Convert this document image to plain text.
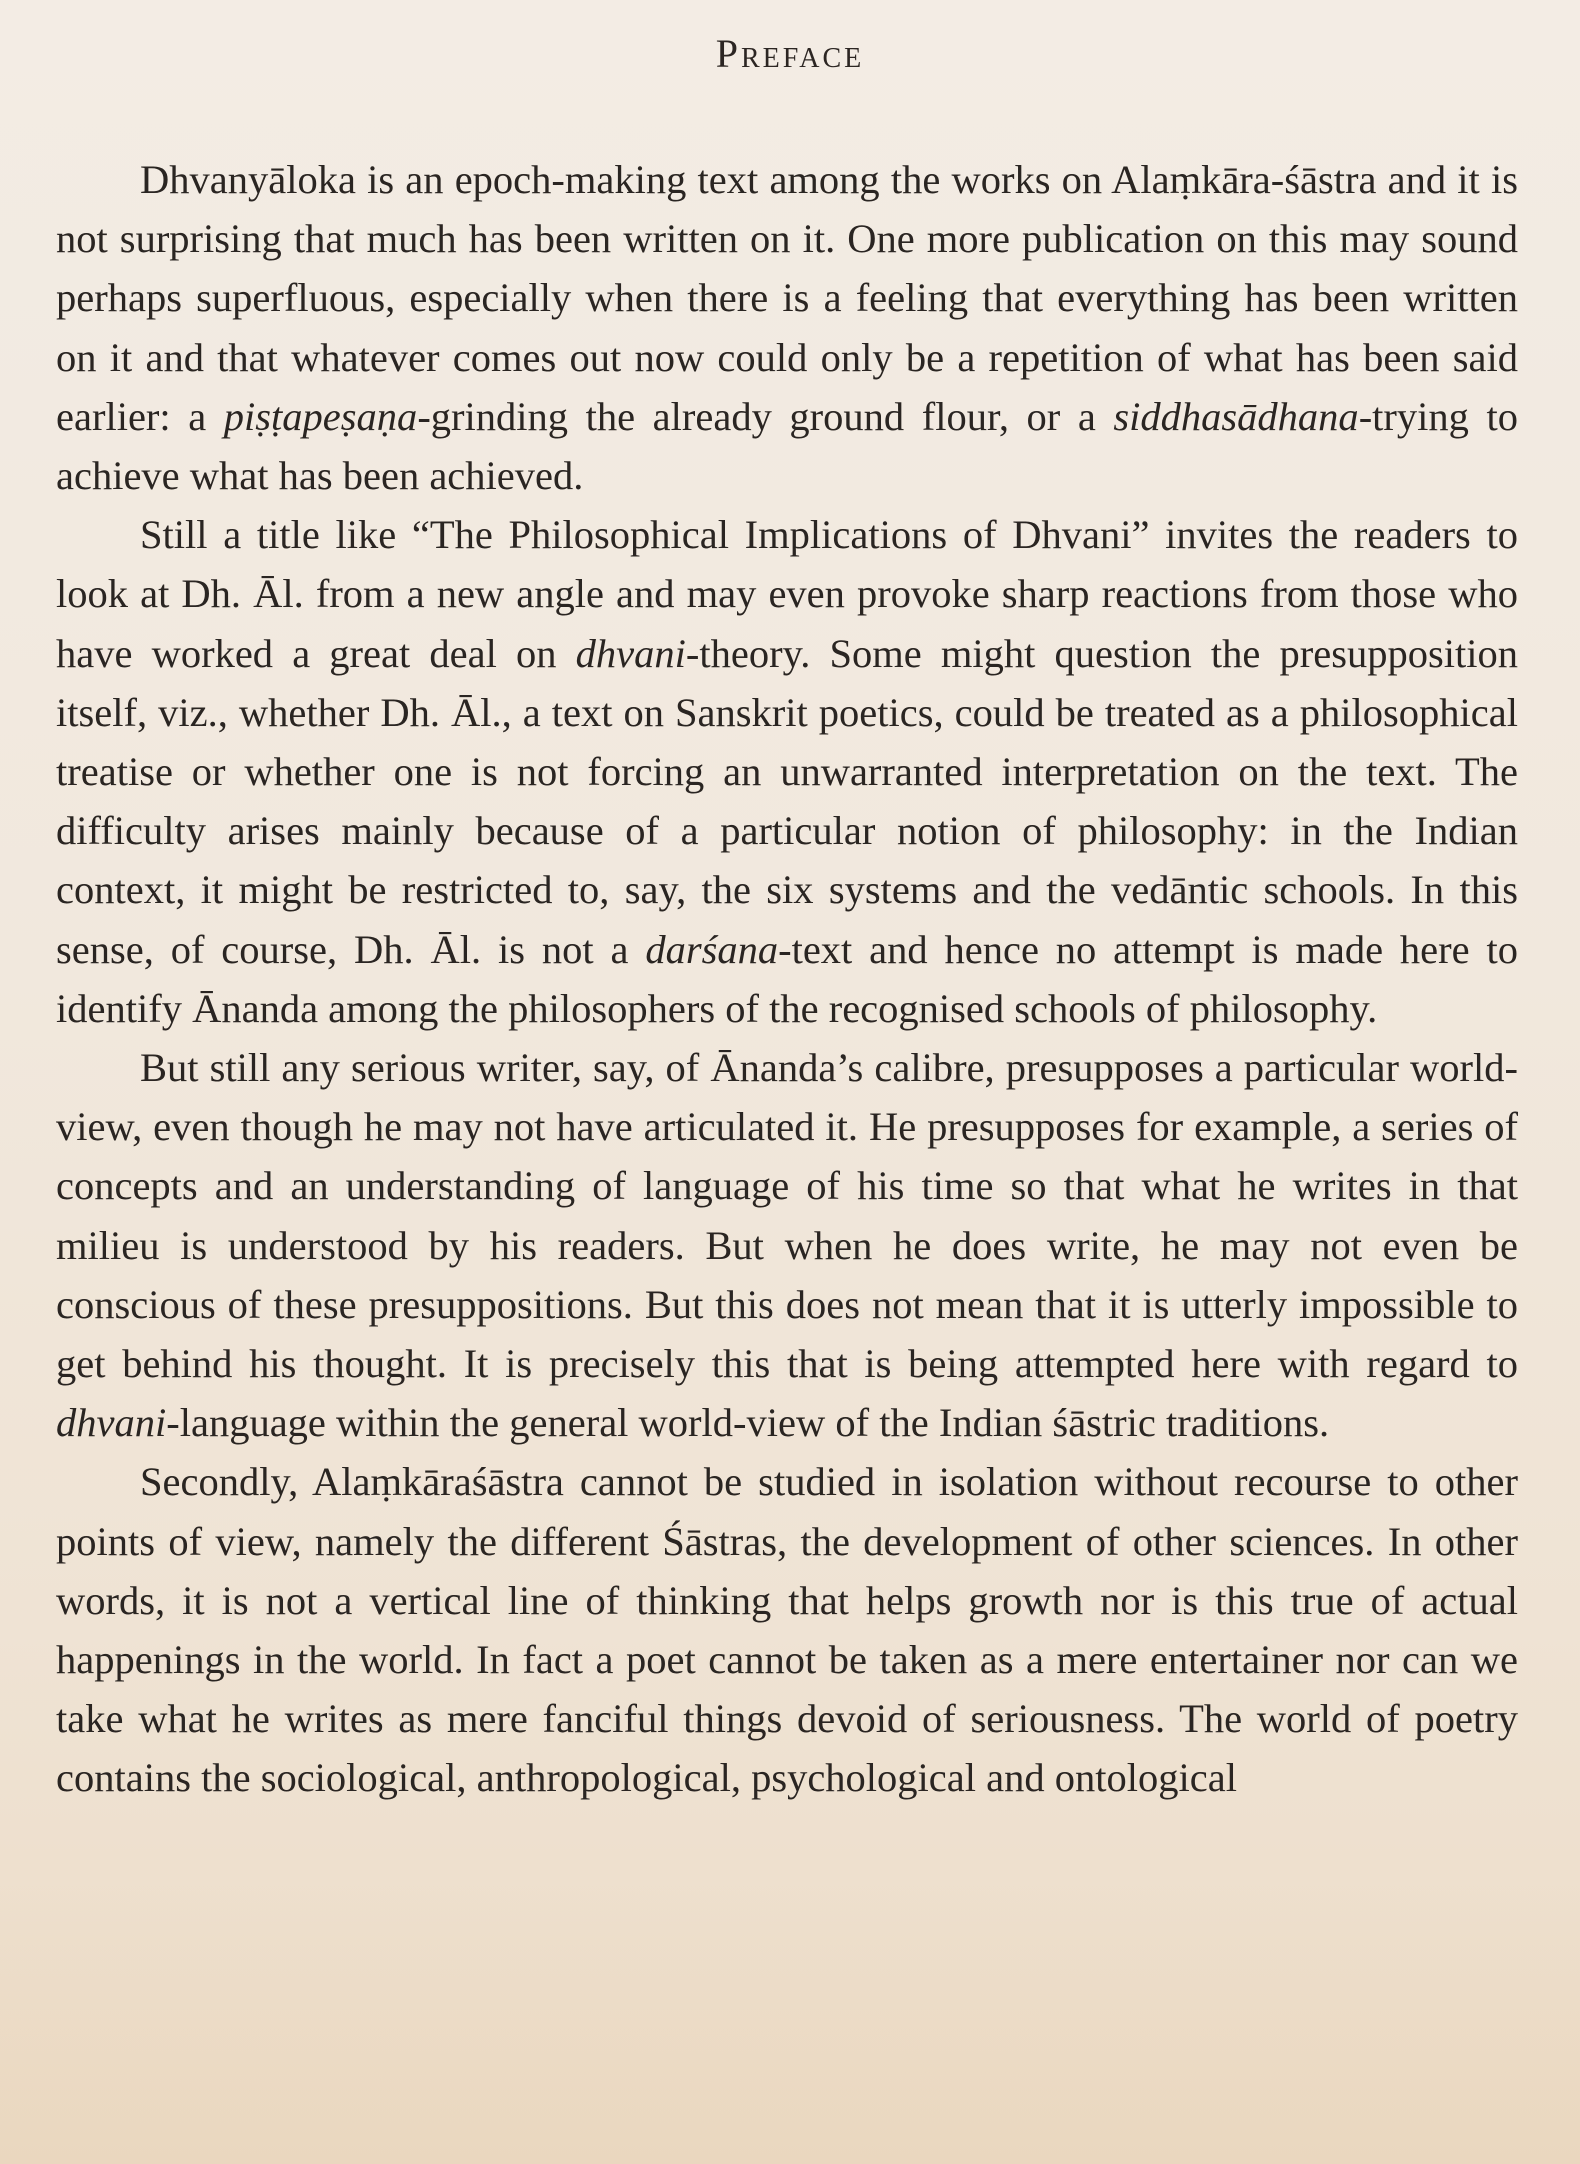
Preface

Dhvanyāloka is an epoch-making text among the works on Alaṃkāra-śāstra and it is not surprising that much has been written on it. One more publication on this may sound perhaps superfluous, especially when there is a feeling that everything has been written on it and that whatever comes out now could only be a repetition of what has been said earlier: a piṣṭapeṣaṇa-grinding the already ground flour, or a siddhasādhana-trying to achieve what has been achieved.

Still a title like “The Philosophical Implications of Dhvani” invites the readers to look at Dh. Āl. from a new angle and may even provoke sharp reactions from those who have worked a great deal on dhvani-theory. Some might question the presupposition itself, viz., whether Dh. Āl., a text on Sanskrit poetics, could be treated as a philosophical treatise or whether one is not forcing an unwarranted interpretation on the text. The difficulty arises mainly because of a particular notion of philosophy: in the Indian context, it might be restricted to, say, the six systems and the vedāntic schools. In this sense, of course, Dh. Āl. is not a darśana-text and hence no attempt is made here to identify Ānanda among the philosophers of the recognised schools of philosophy.

But still any serious writer, say, of Ānanda’s calibre, presupposes a particular world-view, even though he may not have articulated it. He presupposes for example, a series of concepts and an understanding of language of his time so that what he writes in that milieu is understood by his readers. But when he does write, he may not even be conscious of these presuppositions. But this does not mean that it is utterly impossible to get behind his thought. It is precisely this that is being attempted here with regard to dhvani-language within the general world-view of the Indian śāstric traditions.

Secondly, Alaṃkāraśāstra cannot be studied in isolation without recourse to other points of view, namely the different Śāstras, the development of other sciences. In other words, it is not a vertical line of thinking that helps growth nor is this true of actual happenings in the world. In fact a poet cannot be taken as a mere entertainer nor can we take what he writes as mere fanciful things devoid of seriousness. The world of poetry contains the sociological, anthropological, psychological and ontological
